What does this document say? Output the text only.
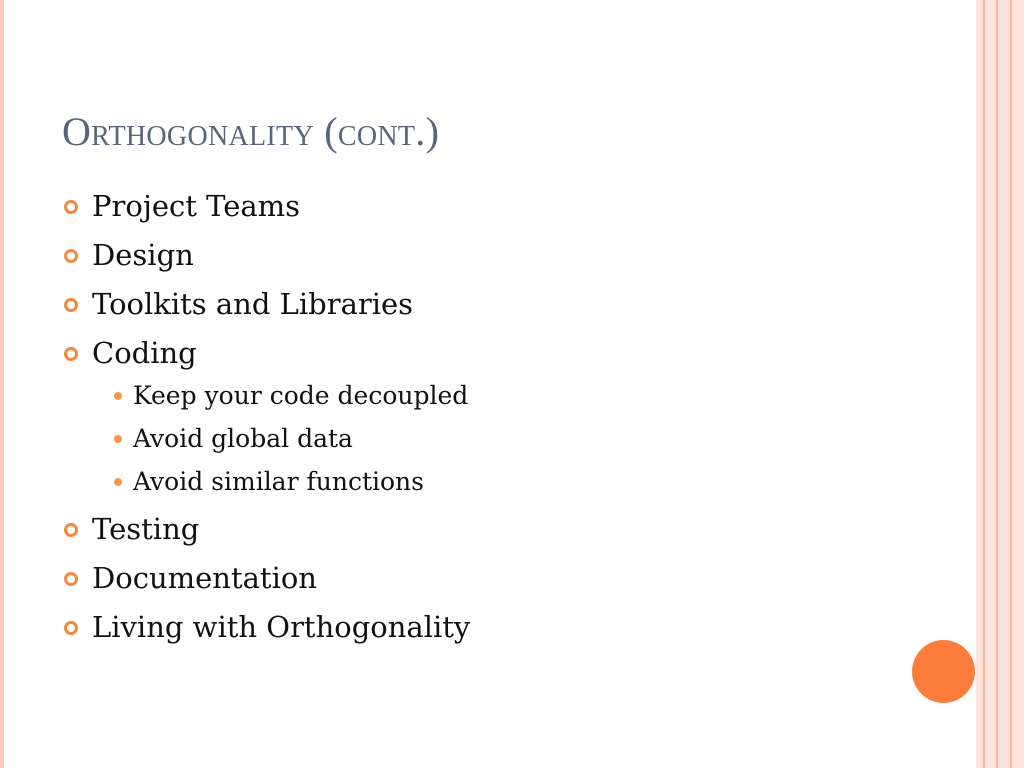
Orthogonality (cont.)
Project Teams
Design
Toolkits and Libraries
Coding
Keep your code decoupled
Avoid global data
Avoid similar functions
Testing
Documentation
Living with Orthogonality
